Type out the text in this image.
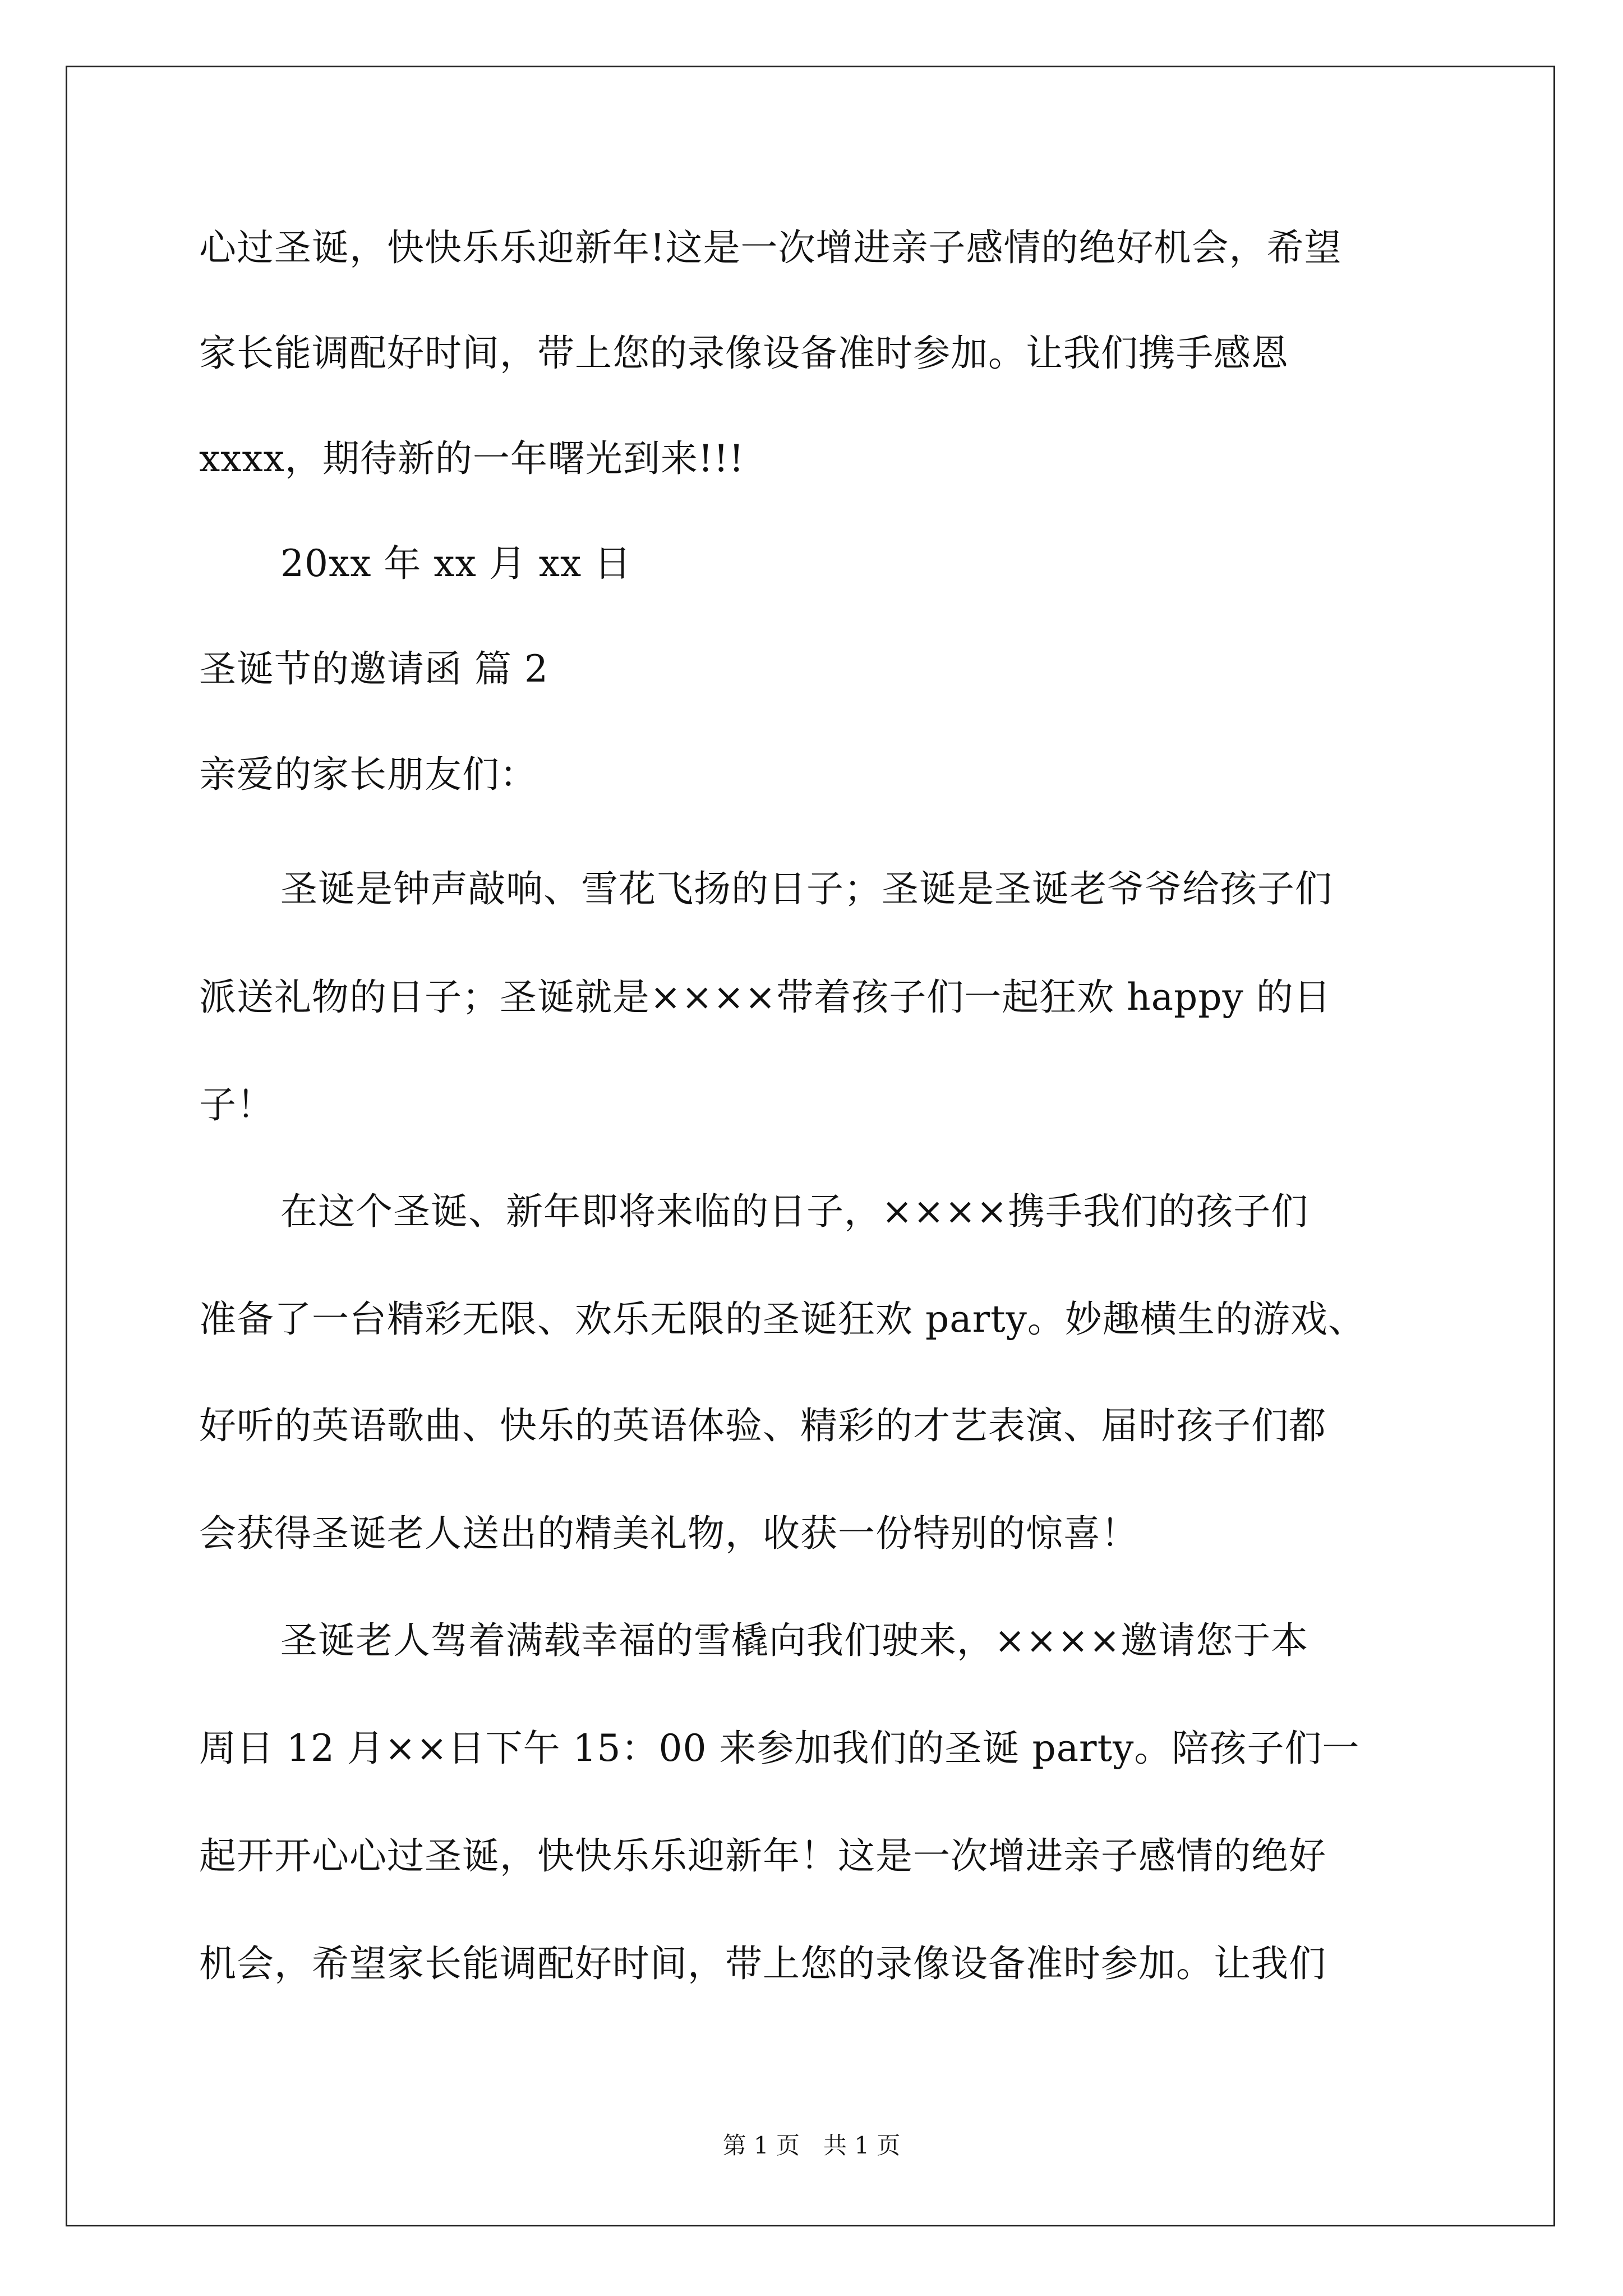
心过圣诞，快快乐乐迎新年!这是一次增进亲子感情的绝好机会，希望
家长能调配好时间，带上您的录像设备准时参加。让我们携手感恩
xxxx，期待新的一年曙光到来!!!
20xx 年 xx 月 xx 日
圣诞节的邀请函 篇 2
亲爱的家长朋友们：
圣诞是钟声敲响、雪花飞扬的日子；圣诞是圣诞老爷爷给孩子们
派送礼物的日子；圣诞就是××××带着孩子们一起狂欢 happy 的日
子！
在这个圣诞、新年即将来临的日子，××××携手我们的孩子们
准备了一台精彩无限、欢乐无限的圣诞狂欢 party。妙趣横生的游戏、
好听的英语歌曲、快乐的英语体验、精彩的才艺表演、届时孩子们都
会获得圣诞老人送出的精美礼物，收获一份特别的惊喜！
圣诞老人驾着满载幸福的雪橇向我们驶来，××××邀请您于本
周日 12 月××日下午 15：00 来参加我们的圣诞 party。陪孩子们一
起开开心心过圣诞，快快乐乐迎新年！这是一次增进亲子感情的绝好
机会，希望家长能调配好时间，带上您的录像设备准时参加。让我们
第 1 页　共 1 页
